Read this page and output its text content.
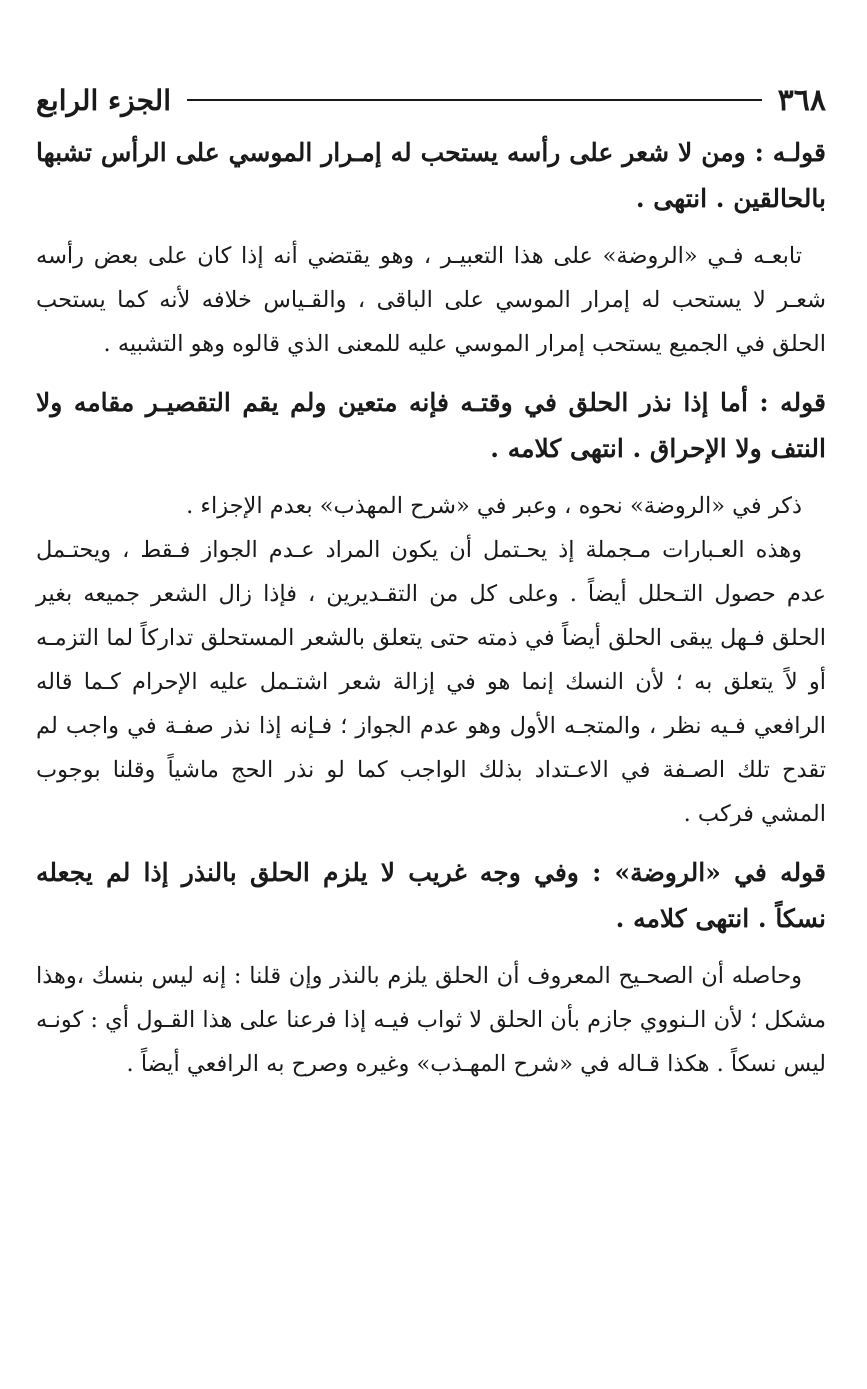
الجزء الرابع	٣٦٨

قولـه : ومن لا شعر على رأسه يستحب له إمـرار الموسي على الرأس تشبها بالحالقين . انتهى .

تابعـه فـي «الروضة» على هذا التعبيـر ، وهو يقتضي أنه إذا كان على بعض رأسه شعـر لا يستحب له إمرار الموسي على الباقى ، والقـياس خلافه لأنه كما يستحب الحلق في الجميع يستحب إمرار الموسي عليه للمعنى الذي قالوه وهو التشبيه .

قوله : أما إذا نذر الحلق في وقتـه فإنه متعين ولم يقم التقصيـر مقامه ولا النتف ولا الإحراق . انتهى كلامه .

ذكر في «الروضة» نحوه ، وعبر في «شرح المهذب» بعدم الإجزاء .

وهذه العـبارات مـجملة إذ يحـتمل أن يكون المراد عـدم الجواز فـقط ، ويحتـمل عدم حصول التـحلل أيضاً . وعلى كل من التقـديرين ، فإذا زال الشعر جميعه بغير الحلق فـهل يبقى الحلق أيضاً في ذمته حتى يتعلق بالشعر المستحلق تداركاً لما التزمـه أو لاً يتعلق به ؛ لأن النسك إنما هو في إزالة شعر اشتـمل عليه الإحرام كـما قاله الرافعي فـيه نظر ، والمتجـه الأول وهو عدم الجواز ؛ فـإنه إذا نذر صفـة في واجب لم تقدح تلك الصـفة في الاعـتداد بذلك الواجب كما لو نذر الحج ماشياً وقلنا بوجوب المشي فركب .

قوله في «الروضة» : وفي وجه غريب لا يلزم الحلق بالنذر إذا لم يجعله نسكاً . انتهى كلامه .

وحاصله أن الصحـيح المعروف أن الحلق يلزم بالنذر وإن قلنا : إنه ليس بنسك ،وهذا مشكل ؛ لأن الـنووي جازم بأن الحلق لا ثواب فيـه إذا فرعنا على هذا القـول أي : كونـه ليس نسكاً . هكذا قـاله في «شرح المهـذب» وغيره وصرح به الرافعي أيضاً .
